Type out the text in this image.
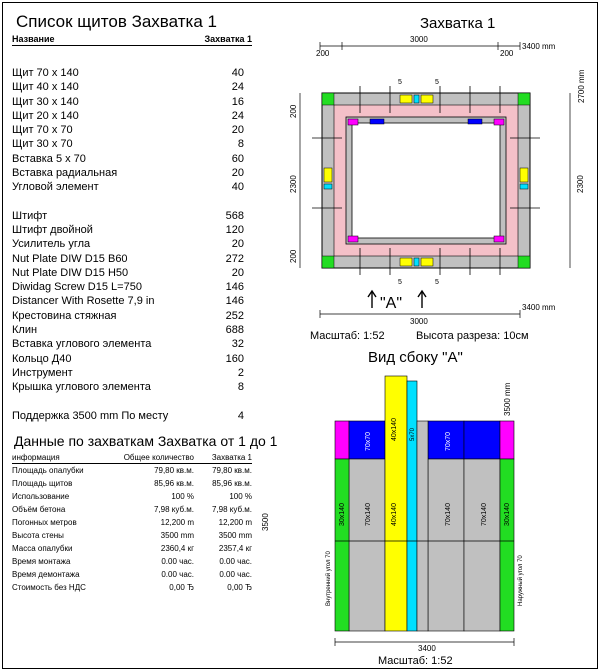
Список щитов Захватка 1
Название	Захватка 1
Щит 70 x 140	40
Щит 40 x 140	24
Щит 30 x 140	16
Щит 20 x 140	24
Щит 70 x 70	20
Щит 30 x 70	8
Вставка 5 x 70	60
Вставка радиальная	20
Угловой элемент	40
Штифт	568
Штифт двойной	120
Усилитель угла	20
Nut Plate DIW D15 B60	272
Nut Plate DIW D15 H50	20
Diwidag Screw D15 L=750	146
Distancer With Rosette 7,9 in	146
Крестовина стяжная	252
Клин	688
Вставка углового элемента	32
Кольцо Д40	160
Инструмент	2
Крышка углового элемента	8
Поддержка 3500 mm По месту	4
Данные по захваткам Захватка от 1 до 1
информация	Общее количество	Захватка 1
Площадь опалубки	79,80 кв.м.	79,80 кв.м.
Площадь щитов	85,96 кв.м.	85,96 кв.м.
Использование	100 %	100 %
Объём бетона	7,98 куб.м.	7,98 куб.м.
Погонных метров	12,200 m	12,200 m
Высота стены	3500 mm	3500 mm
Масса опалубки	2360,4 кг	2357,4 кг
Время монтажа	0.00 час.	0.00 час.
Время демонтажа	0.00 час.	0.00 час.
Стоимость без НДС	0,00 Ђ	0,00 Ђ
Захватка 1
200
3000
200
3400 mm
2700 mm
2300
200
2300
200
5	5
5	5
"A"	3400 mm
3000
Масштаб: 1:52	Высота разреза: 10см
Вид сбоку "А"
3500 mm
3500
40x140
40x140
70x140	70x140	70x140
30x140	30x140
70x70	70x70
5x70
Внутренний угол 70	Наружный угол 70
3400
Масштаб: 1:52
